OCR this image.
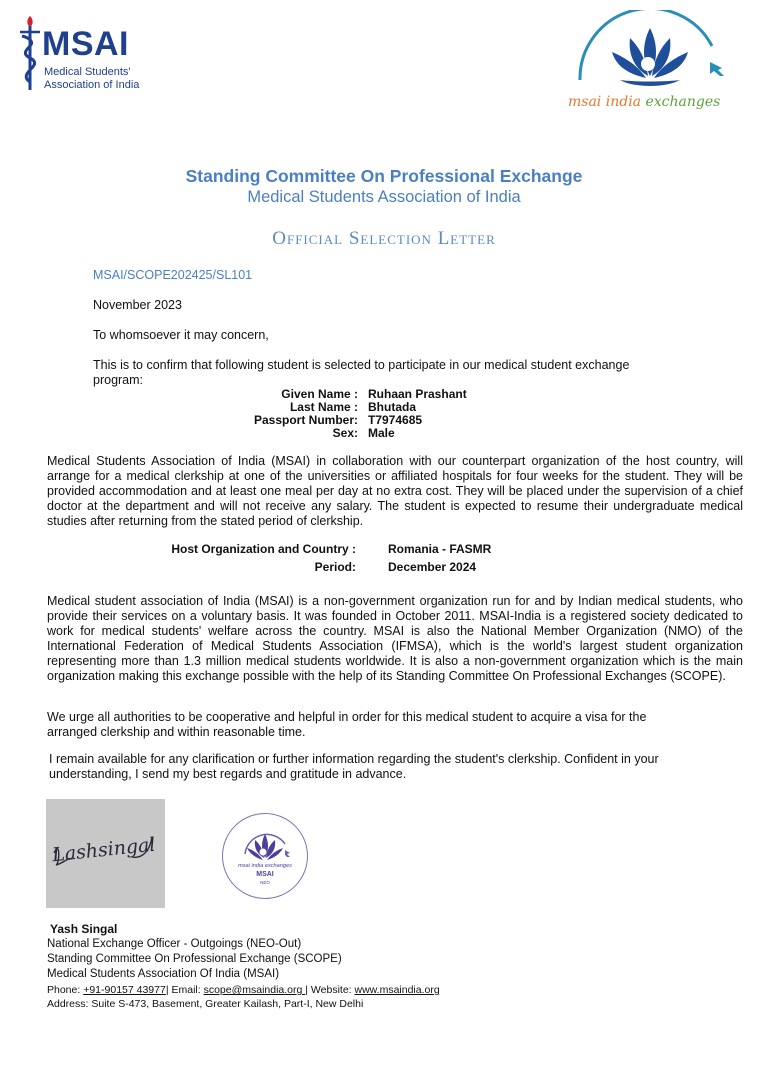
MSAI
Medical Students'
Association of India
msai india exchanges
Standing Committee On Professional Exchange
Medical Students Association of India
Official Selection Letter
MSAI/SCOPE202425/SL101
November 2023
To whomsoever it may concern,
This is to confirm that following student is selected to participate in our medical student exchange
program:
Given Name : Ruhaan Prashant
Last Name : Bhutada
Passport Number: T7974685
Sex: Male
Medical Students Association of India (MSAI) in collaboration with our counterpart organization of the host country, will arrange for a medical clerkship at one of the universities or affiliated hospitals for four weeks for the student. They will be provided accommodation and at least one meal per day at no extra cost. They will be placed under the supervision of a chief doctor at the department and will not receive any salary. The student is expected to resume their undergraduate medical studies after returning from the stated period of clerkship.
Host Organization and Country :	Romania - FASMR
Period:	December 2024
Medical student association of India (MSAI) is a non-government organization run for and by Indian medical students, who provide their services on a voluntary basis. It was founded in October 2011. MSAI-India is a registered society dedicated to work for medical students' welfare across the country. MSAI is also the National Member Organization (NMO) of the International Federation of Medical Students Association (IFMSA), which is the world's largest student organization representing more than 1.3 million medical students worldwide. It is also a non-government organization which is the main organization making this exchange possible with the help of its Standing Committee On Professional Exchanges (SCOPE).
We urge all authorities to be cooperative and helpful in order for this medical student to acquire a visa for the
arranged clerkship and within reasonable time.
I remain available for any clarification or further information regarding the student's clerkship. Confident in your
understanding, I send my best regards and gratitude in advance.
Lashsingal	msai india exchanges
MSAI
NEO
Yash Singal
National Exchange Officer - Outgoings (NEO-Out)
Standing Committee On Professional Exchange (SCOPE)
Medical Students Association Of India (MSAI)
Phone: +91-90157 43977| Email: scope@msaindia.org | Website: www.msaindia.org
Address: Suite S-473, Basement, Greater Kailash, Part-I, New Delhi
